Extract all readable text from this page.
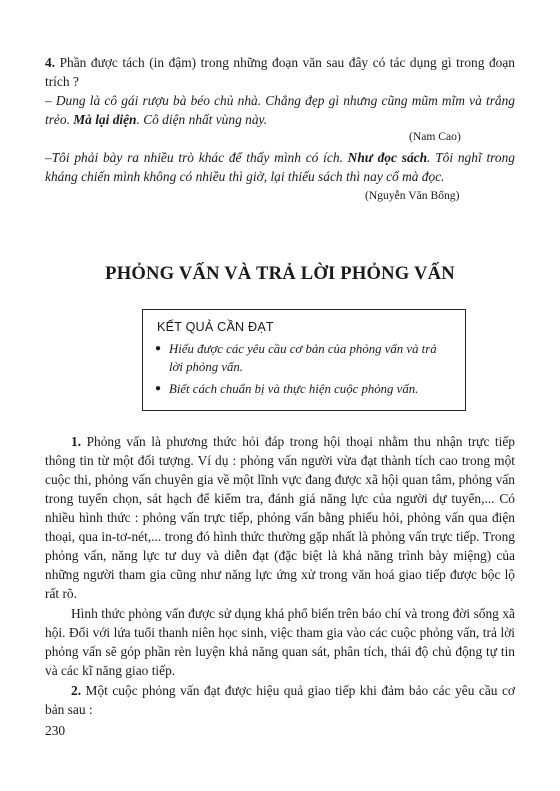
4. Phần được tách (in đậm) trong những đoạn văn sau đây có tác dụng gì trong đoạn trích ?

– Dung là cô gái rượu bà béo chủ nhà. Chẳng đẹp gì nhưng cũng mũm mĩm và trắng trẻo. Mà lại diện. Cô diện nhất vùng này.

(Nam Cao)

–Tôi phải bày ra nhiều trò khác để thấy mình có ích. Như đọc sách. Tôi nghĩ trong kháng chiến mình không có nhiều thì giờ, lại thiếu sách thì nay cố mà đọc.

(Nguyễn Văn Bổng)
PHỎNG VẤN VÀ TRẢ LỜI PHỎNG VẤN
KẾT QUẢ CẦN ĐẠT
● Hiểu được các yêu cầu cơ bản của phỏng vấn và trả lời phỏng vấn.
● Biết cách chuẩn bị và thực hiện cuộc phỏng vấn.

1. Phỏng vấn là phương thức hỏi đáp trong hội thoại nhằm thu nhận trực tiếp thông tin từ một đối tượng. Ví dụ : phỏng vấn người vừa đạt thành tích cao trong một cuộc thi, phỏng vấn chuyên gia về một lĩnh vực đang được xã hội quan tâm, phỏng vấn trong tuyển chọn, sát hạch để kiểm tra, đánh giá năng lực của người dự tuyển,... Có nhiều hình thức : phỏng vấn trực tiếp, phỏng vấn bằng phiếu hỏi, phỏng vấn qua điện thoại, qua in-tơ-nét,... trong đó hình thức thường gặp nhất là phỏng vấn trực tiếp. Trong phỏng vấn, năng lực tư duy và diễn đạt (đặc biệt là khả năng trình bày miệng) của những người tham gia cũng như năng lực ứng xử trong văn hoá giao tiếp được bộc lộ rất rõ.

Hình thức phỏng vấn được sử dụng khá phổ biến trên báo chí và trong đời sống xã hội. Đối với lứa tuổi thanh niên học sinh, việc tham gia vào các cuộc phỏng vấn, trả lời phỏng vấn sẽ góp phần rèn luyện khả năng quan sát, phân tích, thái độ chủ động tự tin và các kĩ năng giao tiếp.

2. Một cuộc phỏng vấn đạt được hiệu quả giao tiếp khi đảm bảo các yêu cầu cơ bản sau :

230
